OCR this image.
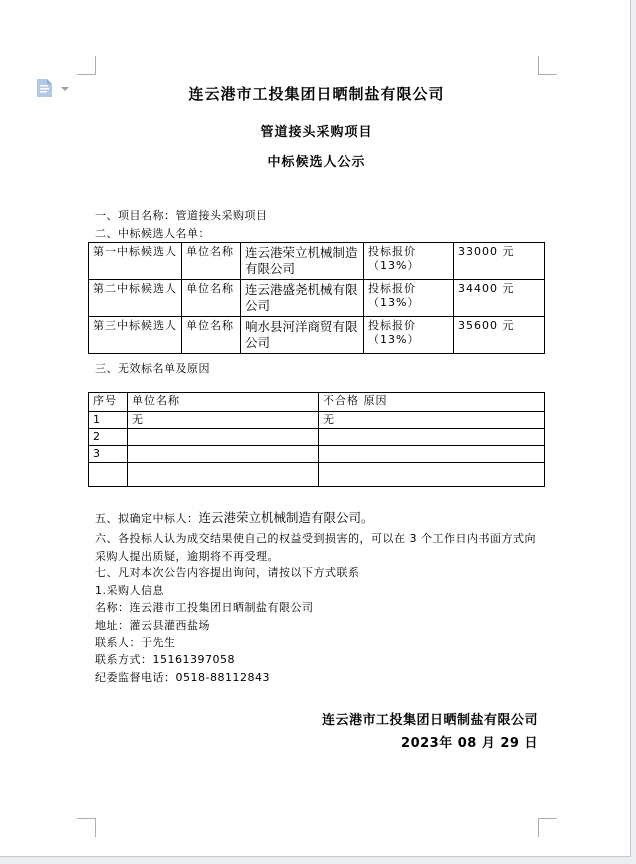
连云港市工投集团日晒制盐有限公司
管道接头采购项目
中标候选人公示
一、项目名称：管道接头采购项目
二、中标候选人名单：
第一中标候选人	单位名称	连云港荣立机械制造有限公司	投标报价（13%）	33000 元
第二中标候选人	单位名称	连云港盛尧机械有限公司	投标报价（13%）	34400 元
第三中标候选人	单位名称	响水县河洋商贸有限公司	投标报价（13%）	35600 元
三、无效标名单及原因
序号	单位名称	不合格 原因
1	无	无
2		
3		

五、拟确定中标人：连云港荣立机械制造有限公司。
六、各投标人认为成交结果使自己的权益受到损害的，可以在 3 个工作日内书面方式向采购人提出质疑，逾期将不再受理。
七、凡对本次公告内容提出询问，请按以下方式联系
1.采购人信息
名称：连云港市工投集团日晒制盐有限公司
地址：灌云县灌西盐场
联系人：于先生
联系方式：15161397058
纪委监督电话：0518-88112843
连云港市工投集团日晒制盐有限公司
2023年 08 月 29 日
